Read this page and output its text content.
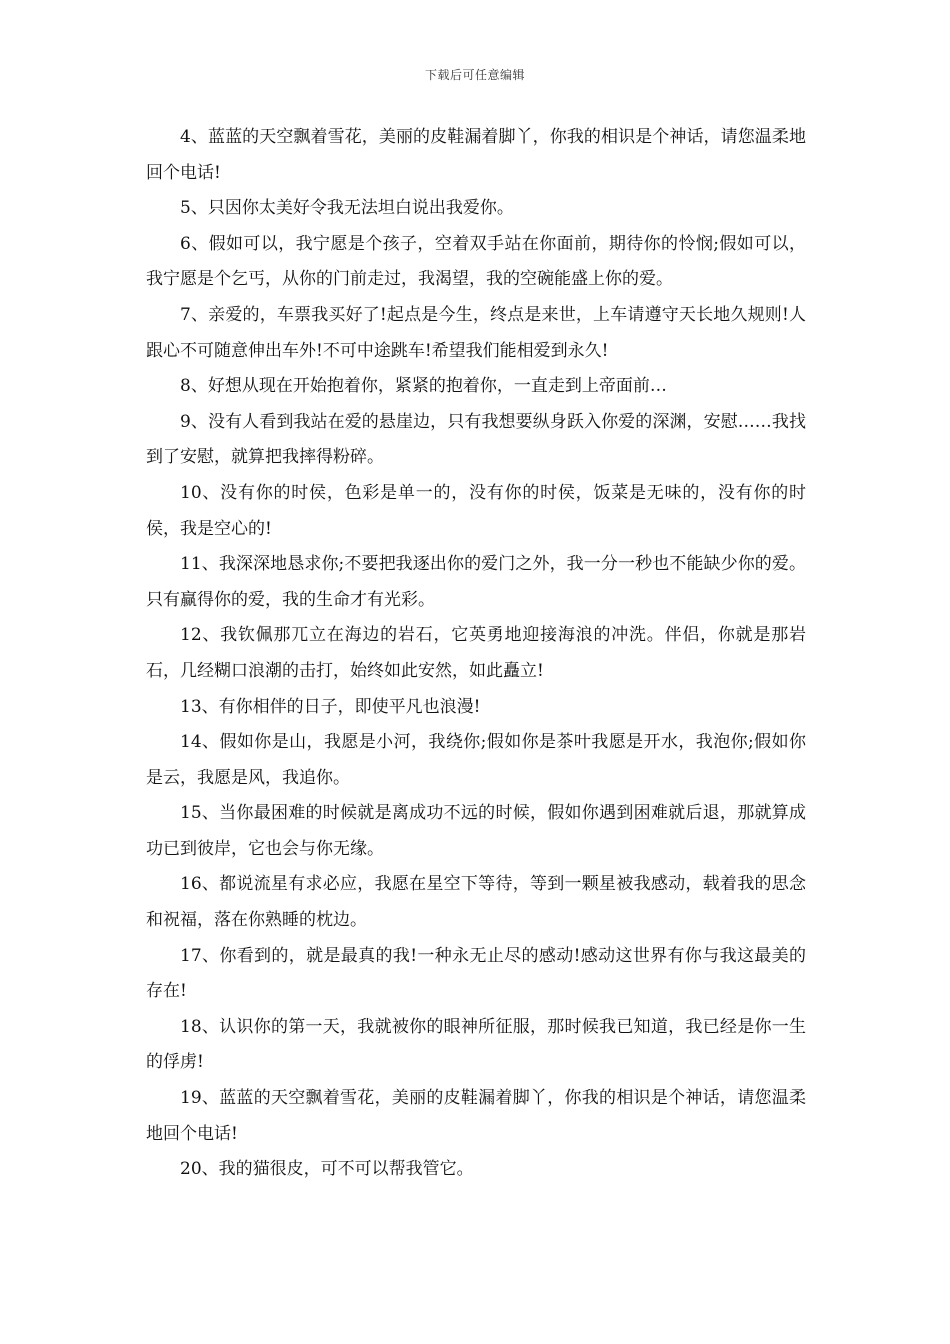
下载后可任意编辑

4、蓝蓝的天空飘着雪花，美丽的皮鞋漏着脚丫，你我的相识是个神话，请您温柔地回个电话!

5、只因你太美好令我无法坦白说出我爱你。

6、假如可以，我宁愿是个孩子，空着双手站在你面前，期待你的怜悯;假如可以，我宁愿是个乞丐，从你的门前走过，我渴望，我的空碗能盛上你的爱。

7、亲爱的，车票我买好了!起点是今生，终点是来世，上车请遵守天长地久规则!人跟心不可随意伸出车外!不可中途跳车!希望我们能相爱到永久!

8、好想从现在开始抱着你，紧紧的抱着你，一直走到上帝面前…

9、没有人看到我站在爱的悬崖边，只有我想要纵身跃入你爱的深渊，安慰……我找到了安慰，就算把我摔得粉碎。

10、没有你的时侯，色彩是单一的，没有你的时侯，饭菜是无味的，没有你的时侯，我是空心的!

11、我深深地恳求你;不要把我逐出你的爱门之外，我一分一秒也不能缺少你的爱。只有赢得你的爱，我的生命才有光彩。

12、我钦佩那兀立在海边的岩石，它英勇地迎接海浪的冲洗。伴侣，你就是那岩石，几经糊口浪潮的击打，始终如此安然，如此矗立!

13、有你相伴的日子，即使平凡也浪漫!

14、假如你是山，我愿是小河，我绕你;假如你是茶叶我愿是开水，我泡你;假如你是云，我愿是风，我追你。

15、当你最困难的时候就是离成功不远的时候，假如你遇到困难就后退，那就算成功已到彼岸，它也会与你无缘。

16、都说流星有求必应，我愿在星空下等待，等到一颗星被我感动，载着我的思念和祝福，落在你熟睡的枕边。

17、你看到的，就是最真的我!一种永无止尽的感动!感动这世界有你与我这最美的存在!

18、认识你的第一天，我就被你的眼神所征服，那时候我已知道，我已经是你一生的俘虏!

19、蓝蓝的天空飘着雪花，美丽的皮鞋漏着脚丫，你我的相识是个神话，请您温柔地回个电话!

20、我的猫很皮，可不可以帮我管它。
